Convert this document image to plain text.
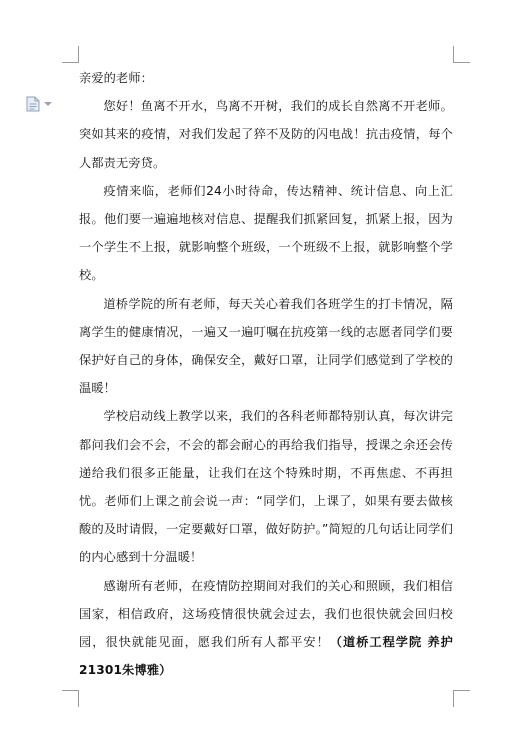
亲爱的老师：

您好！鱼离不开水，鸟离不开树，我们的成长自然离不开老师。突如其来的疫情，对我们发起了猝不及防的闪电战！抗击疫情，每个人都责无旁贷。

疫情来临，老师们24小时待命，传达精神、统计信息、向上汇报。他们要一遍遍地核对信息、提醒我们抓紧回复，抓紧上报，因为一个学生不上报，就影响整个班级，一个班级不上报，就影响整个学校。

道桥学院的所有老师，每天关心着我们各班学生的打卡情况，隔离学生的健康情况，一遍又一遍叮嘱在抗疫第一线的志愿者同学们要保护好自己的身体，确保安全，戴好口罩，让同学们感觉到了学校的温暖！

学校启动线上教学以来，我们的各科老师都特别认真，每次讲完都问我们会不会，不会的都会耐心的再给我们指导，授课之余还会传递给我们很多正能量，让我们在这个特殊时期，不再焦虑、不再担忧。老师们上课之前会说一声：“同学们，上课了，如果有要去做核酸的及时请假，一定要戴好口罩，做好防护。”简短的几句话让同学们的内心感到十分温暖！

感谢所有老师，在疫情防控期间对我们的关心和照顾，我们相信国家，相信政府，这场疫情很快就会过去，我们也很快就会回归校园，很快就能见面，愿我们所有人都平安！（道桥工程学院 养护21301朱博雅）
